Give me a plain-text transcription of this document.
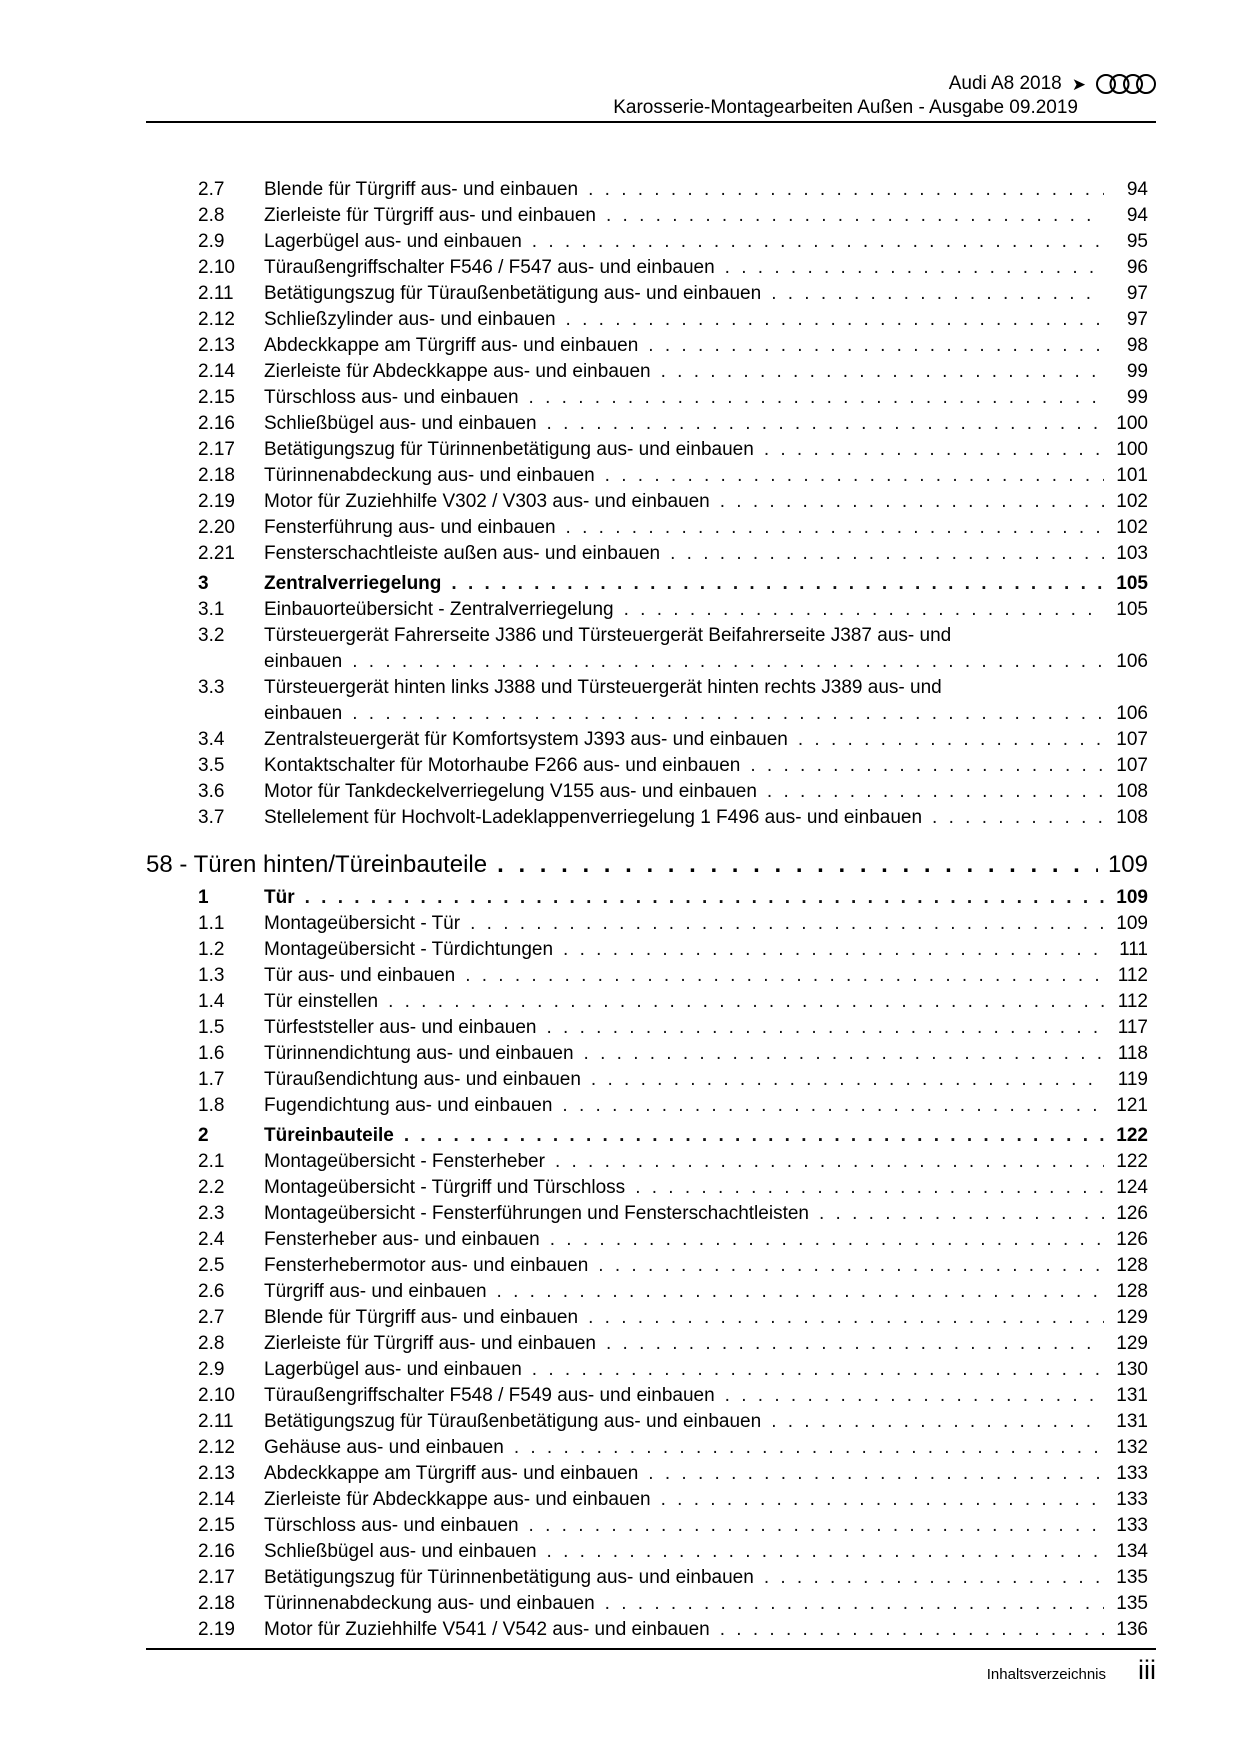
Audi A8 2018 ➤
Karosserie-Montagearbeiten Außen - Ausgabe 09.2019
2.7	Blende für Türgriff aus- und einbauen . . .	94
2.8	Zierleiste für Türgriff aus- und einbauen . . .	94
2.9	Lagerbügel aus- und einbauen . . .	95
2.10	Türaußengriffschalter F546 / F547 aus- und einbauen . . .	96
2.11	Betätigungszug für Türaußenbetätigung aus- und einbauen . . .	97
2.12	Schließzylinder aus- und einbauen . . .	97
2.13	Abdeckkappe am Türgriff aus- und einbauen . . .	98
2.14	Zierleiste für Abdeckkappe aus- und einbauen . . .	99
2.15	Türschloss aus- und einbauen . . .	99
2.16	Schließbügel aus- und einbauen . . .	100
2.17	Betätigungszug für Türinnenbetätigung aus- und einbauen . . .	100
2.18	Türinnenabdeckung aus- und einbauen . . .	101
2.19	Motor für Zuziehhilfe V302 / V303 aus- und einbauen . . .	102
2.20	Fensterführung aus- und einbauen . . .	102
2.21	Fensterschachtleiste außen aus- und einbauen . . .	103
3	Zentralverriegelung . . .	105
3.1	Einbauorteübersicht - Zentralverriegelung . . .	105
3.2	Türsteuergerät Fahrerseite J386 und Türsteuergerät Beifahrerseite J387 aus- und
einbauen . . .	106
3.3	Türsteuergerät hinten links J388 und Türsteuergerät hinten rechts J389 aus- und
einbauen . . .	106
3.4	Zentralsteuergerät für Komfortsystem J393 aus- und einbauen . . .	107
3.5	Kontaktschalter für Motorhaube F266 aus- und einbauen . . .	107
3.6	Motor für Tankdeckelverriegelung V155 aus- und einbauen . . .	108
3.7	Stellelement für Hochvolt-Ladeklappenverriegelung 1 F496 aus- und einbauen . . .	108
58 - Türen hinten/Türeinbauteile . . .	109
1	Tür . . .	109
1.1	Montageübersicht - Tür . . .	109
1.2	Montageübersicht - Türdichtungen . . .	111
1.3	Tür aus- und einbauen . . .	112
1.4	Tür einstellen . . .	112
1.5	Türfeststeller aus- und einbauen . . .	117
1.6	Türinnendichtung aus- und einbauen . . .	118
1.7	Türaußendichtung aus- und einbauen . . .	119
1.8	Fugendichtung aus- und einbauen . . .	121
2	Türeinbauteile . . .	122
2.1	Montageübersicht - Fensterheber . . .	122
2.2	Montageübersicht - Türgriff und Türschloss . . .	124
2.3	Montageübersicht - Fensterführungen und Fensterschachtleisten . . .	126
2.4	Fensterheber aus- und einbauen . . .	126
2.5	Fensterhebermotor aus- und einbauen . . .	128
2.6	Türgriff aus- und einbauen . . .	128
2.7	Blende für Türgriff aus- und einbauen . . .	129
2.8	Zierleiste für Türgriff aus- und einbauen . . .	129
2.9	Lagerbügel aus- und einbauen . . .	130
2.10	Türaußengriffschalter F548 / F549 aus- und einbauen . . .	131
2.11	Betätigungszug für Türaußenbetätigung aus- und einbauen . . .	131
2.12	Gehäuse aus- und einbauen . . .	132
2.13	Abdeckkappe am Türgriff aus- und einbauen . . .	133
2.14	Zierleiste für Abdeckkappe aus- und einbauen . . .	133
2.15	Türschloss aus- und einbauen . . .	133
2.16	Schließbügel aus- und einbauen . . .	134
2.17	Betätigungszug für Türinnenbetätigung aus- und einbauen . . .	135
2.18	Türinnenabdeckung aus- und einbauen . . .	135
2.19	Motor für Zuziehhilfe V541 / V542 aus- und einbauen . . .	136
Inhaltsverzeichnis iii
